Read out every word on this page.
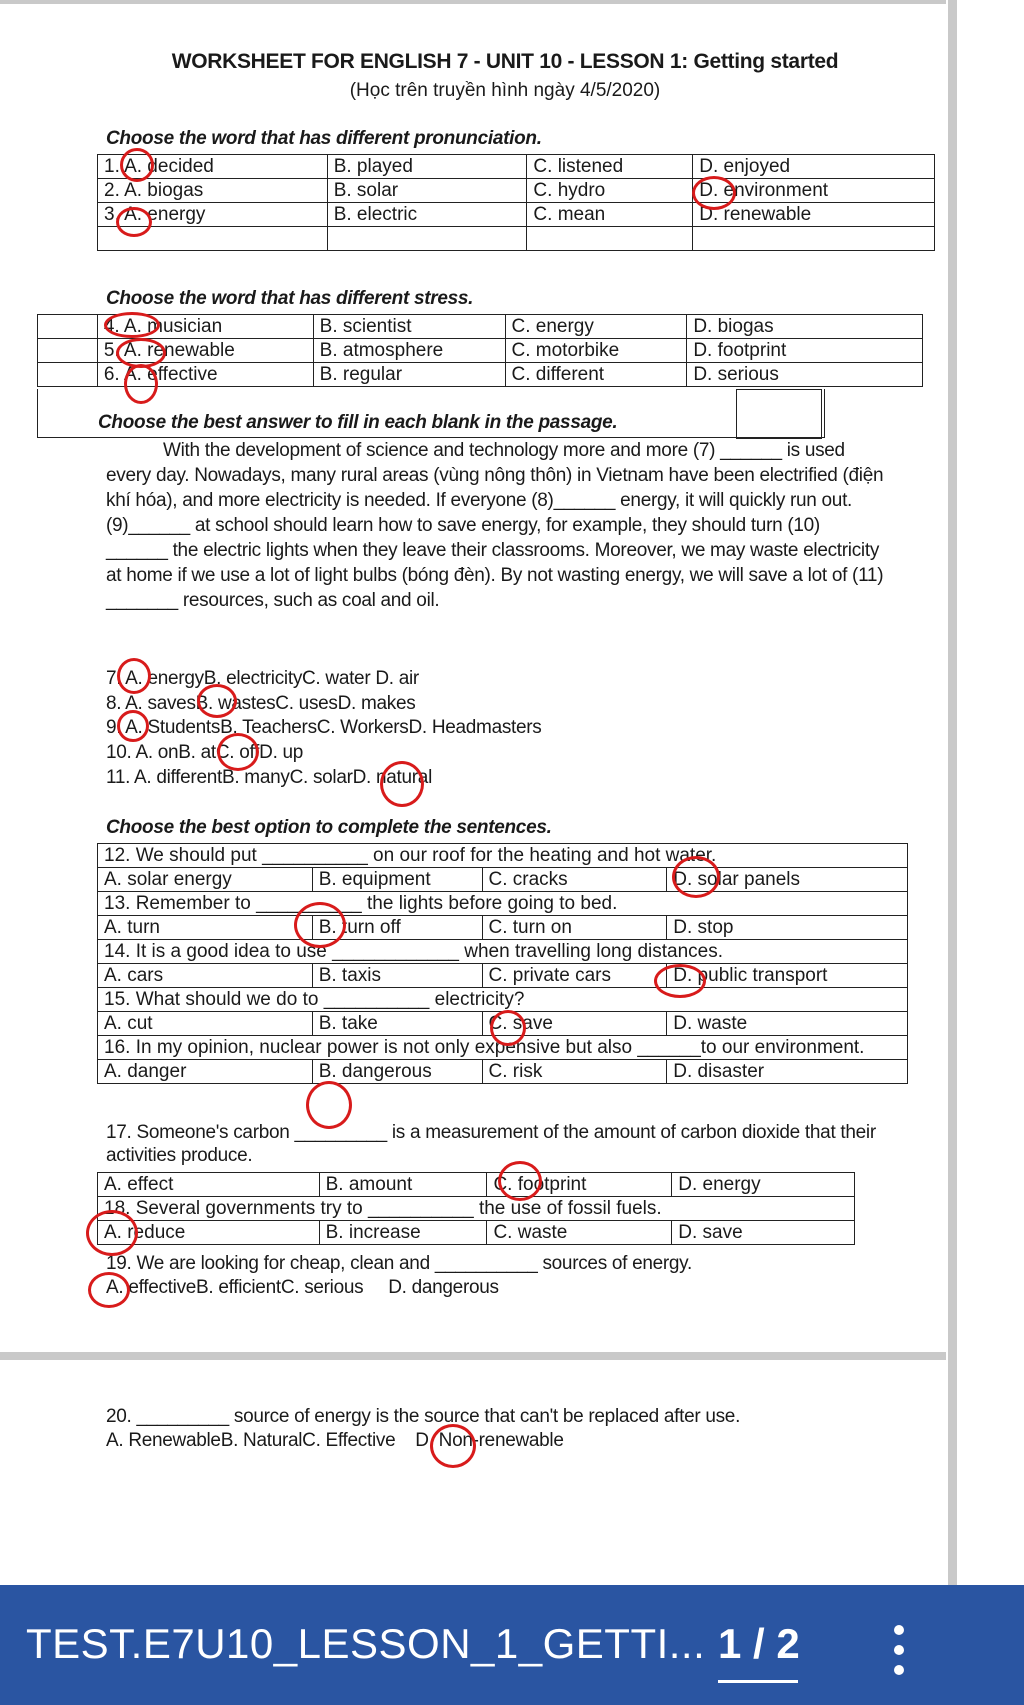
WORKSHEET FOR ENGLISH 7 - UNIT 10 - LESSON 1: Getting started
(Học trên truyền hình ngày 4/5/2020)
Choose the word that has different pronunciation.
1. A. decided	B. played	C. listened	D. enjoyed
2. A. biogas	B. solar	C. hydro	D. environment
3. A. energy	B. electric	C. mean	D. renewable

Choose the word that has different stress.
	4. A. musician	B. scientist	C. energy	D. biogas
	5. A. renewable	B. atmosphere	C. motorbike	D. footprint
	6. A. effective	B. regular	C. different	D. serious
Choose the best answer to fill in each blank in the passage.

With the development of science and technology more and more (7) ______ is used every day. Nowadays, many rural areas (vùng nông thôn) in Vietnam have been electrified (điện khí hóa), and more electricity is needed. If everyone (8)______ energy, it will quickly run out. (9)______ at school should learn how to save energy, for example, they should turn (10) ______ the electric lights when they leave their classrooms. Moreover, we may waste electricity at home if we use a lot of light bulbs (bóng đèn). By not wasting energy, we will save a lot of (11) _______ resources, such as coal and oil.

7. A. energyB. electricityC. water D. air
8. A. savesB. wastesC. usesD. makes
9. A. StudentsB. TeachersC. WorkersD. Headmasters
10. A. onB. atC. offD. up
11. A. differentB. manyC. solarD. natural
Choose the best option to complete the sentences.
12. We should put __________ on our roof for the heating and hot water.			
A. solar energy	B. equipment	C. cracks	D. solar panels
13. Remember to __________ the lights before going to bed.			
A. turn	B. turn off	C. turn on	D. stop
14. It is a good idea to use ____________ when travelling long distances.			
A. cars	B. taxis	C. private cars	D. public transport
15. What should we do to __________ electricity?			
A. cut	B. take	C. save	D. waste
16. In my opinion, nuclear power is not only expensive but also ______to our environment.			
A. danger	B. dangerous	C. risk	D. disaster
17. Someone's carbon _________ is a measurement of the amount of carbon dioxide that their activities produce.
A. effect	B. amount	C. footprint	D. energy
18. Several governments try to __________ the use of fossil fuels.			
A. reduce	B. increase	C. waste	D. save
19. We are looking for cheap, clean and __________ sources of energy.
A. effectiveB. efficientC. serious     D. dangerous
20. _________ source of energy is the source that can't be replaced after use.
A. RenewableB. NaturalC. Effective    D. Non-renewable
TEST.E7U10_LESSON_1_GETTI... 1 / 2
